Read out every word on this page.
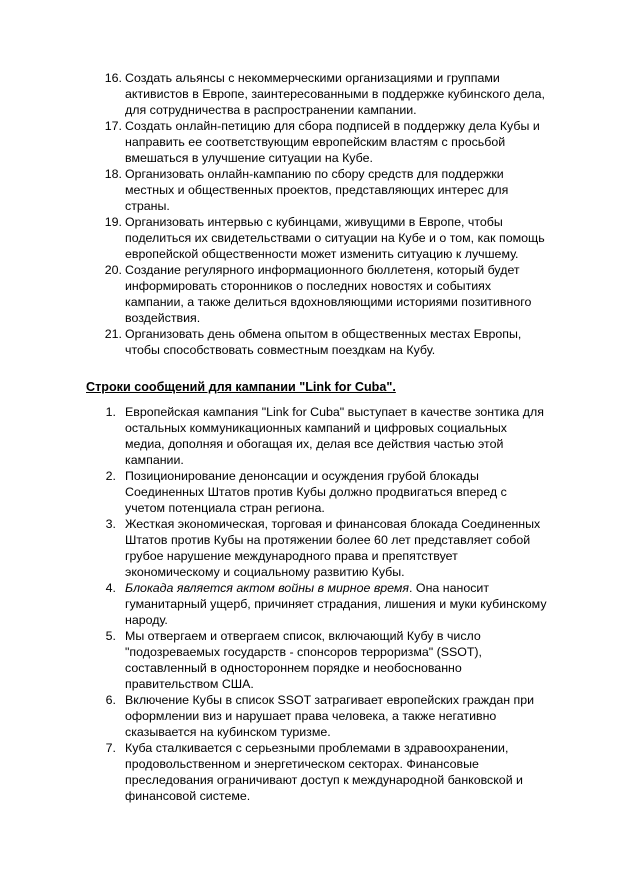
16. Создать альянсы с некоммерческими организациями и группами активистов в Европе, заинтересованными в поддержке кубинского дела, для сотрудничества в распространении кампании.
17. Создать онлайн-петицию для сбора подписей в поддержку дела Кубы и направить ее соответствующим европейским властям с просьбой вмешаться в улучшение ситуации на Кубе.
18. Организовать онлайн-кампанию по сбору средств для поддержки местных и общественных проектов, представляющих интерес для страны.
19. Организовать интервью с кубинцами, живущими в Европе, чтобы поделиться их свидетельствами о ситуации на Кубе и о том, как помощь европейской общественности может изменить ситуацию к лучшему.
20. Создание регулярного информационного бюллетеня, который будет информировать сторонников о последних новостях и событиях кампании, а также делиться вдохновляющими историями позитивного воздействия.
21. Организовать день обмена опытом в общественных местах Европы, чтобы способствовать совместным поездкам на Кубу.
Строки сообщений для кампании "Link for Cuba".
1. Европейская кампания "Link for Cuba" выступает в качестве зонтика для остальных коммуникационных кампаний и цифровых социальных медиа, дополняя и обогащая их, делая все действия частью этой кампании.
2. Позиционирование денонсации и осуждения грубой блокады Соединенных Штатов против Кубы должно продвигаться вперед с учетом потенциала стран региона.
3. Жесткая экономическая, торговая и финансовая блокада Соединенных Штатов против Кубы на протяжении более 60 лет представляет собой грубое нарушение международного права и препятствует экономическому и социальному развитию Кубы.
4. Блокада является актом войны в мирное время. Она наносит гуманитарный ущерб, причиняет страдания, лишения и муки кубинскому народу.
5. Мы отвергаем и отвергаем список, включающий Кубу в число "подозреваемых государств - спонсоров терроризма" (SSOT), составленный в одностороннем порядке и необоснованно правительством США.
6. Включение Кубы в список SSOT затрагивает европейских граждан при оформлении виз и нарушает права человека, а также негативно сказывается на кубинском туризме.
7. Куба сталкивается с серьезными проблемами в здравоохранении, продовольственном и энергетическом секторах. Финансовые преследования ограничивают доступ к международной банковской и финансовой системе.
